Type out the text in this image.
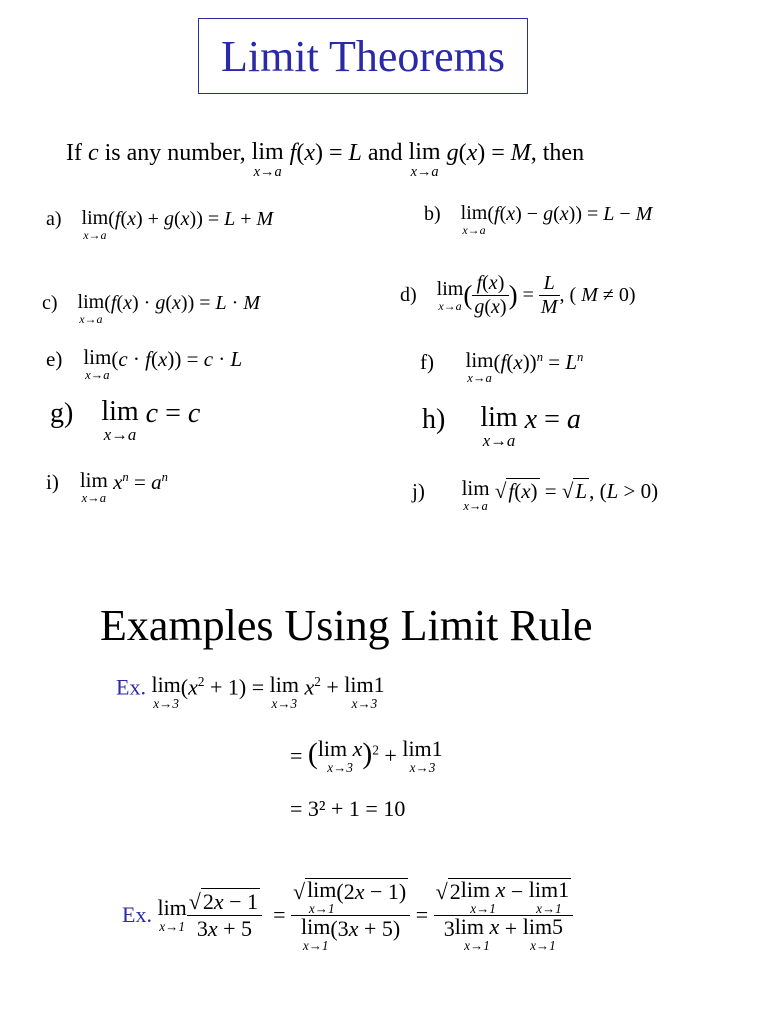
Limit Theorems
If c is any number, lim
x→a
f(x) = L and lim
x→a
g(x) = M, then
a) lim
x→a
(f(x) + g(x)) = L + M	b) lim
x→a
(f(x) − g(x)) = L − M
c) lim
x→a
(f(x) · g(x)) = L · M	d) lim
x→a ( $\frac{f(x)}{g(x)}$ ) = $\frac{L}{M}$ , ( M ≠ 0)
e) lim
x→a
(c · f(x)) = c · L	f) lim
x→a
$(f(x))^n = L^n$
g) lim
x→a
c = c	h) lim
x→a
x = a
i) lim
x→a
$x^n = a^n$
j) lim
x→a
√f(x) = √L, (L > 0)
Examples Using Limit Rule
Ex. lim
x→3
$(x^2 + 1) = \lim$
x→3
$x^2 + \lim 1$
x→3
= ( lim x
x→3 )$^2$ + lim1
x→3
= 3² + 1 = 10
Ex. lim
$x\to 1 \frac{√2x - 1}{3x + 5}$ = √ lim
x→1
(2x − 1)
lim
x→1
(3x + 5) = √2 lim x
x→1
− lim1
x→1
3 lim x
x→1
+ lim5
x→1
